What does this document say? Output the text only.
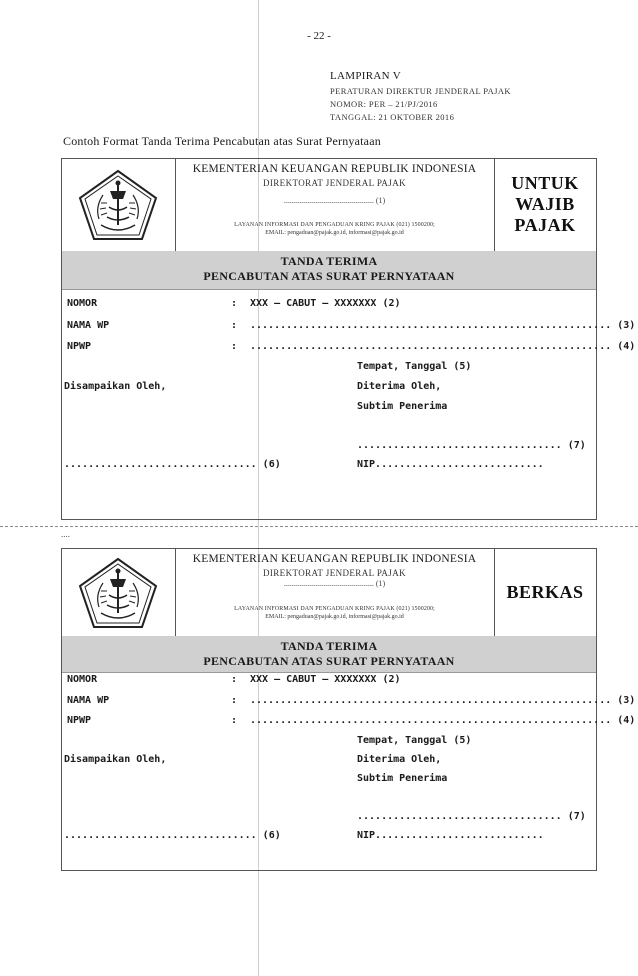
- 22 -
LAMPIRAN V
PERATURAN DIREKTUR JENDERAL PAJAK
NOMOR: PER – 21/PJ/2016
TANGGAL: 21 OKTOBER 2016
Contoh Format Tanda Terima Pencabutan atas Surat Pernyataan
KEMENTERIAN KEUANGAN REPUBLIK INDONESIA
DIREKTORAT JENDERAL PAJAK
............................................. (1)
LAYANAN INFORMASI DAN PENGADUAN KRING PAJAK (021) 1500200;
EMAIL: pengaduan@pajak.go.id, informasi@pajak.go.id
UNTUK
WAJIB
PAJAK
TANDA TERIMA
PENCABUTAN ATAS SURAT PERNYATAAN
NOMOR	: XXX – CABUT – XXXXXXX (2)
NAMA WP	: ............................................................ (3)
NPWP	: ............................................................ (4)
Tempat, Tanggal (5)
Disampaikan Oleh,	Diterima Oleh,
Subtim Penerima
.................................. (7)
................................ (6)	NIP............................
....
KEMENTERIAN KEUANGAN REPUBLIK INDONESIA
DIREKTORAT JENDERAL PAJAK
............................................. (1)
LAYANAN INFORMASI DAN PENGADUAN KRING PAJAK (021) 1500200;
EMAIL: pengaduan@pajak.go.id, informasi@pajak.go.id
BERKAS
TANDA TERIMA
PENCABUTAN ATAS SURAT PERNYATAAN
NOMOR	: XXX – CABUT – XXXXXXX (2)
NAMA WP	: ............................................................ (3)
NPWP	: ............................................................ (4)
Tempat, Tanggal (5)
Disampaikan Oleh,	Diterima Oleh,
Subtim Penerima
.................................. (7)
................................ (6)	NIP............................
